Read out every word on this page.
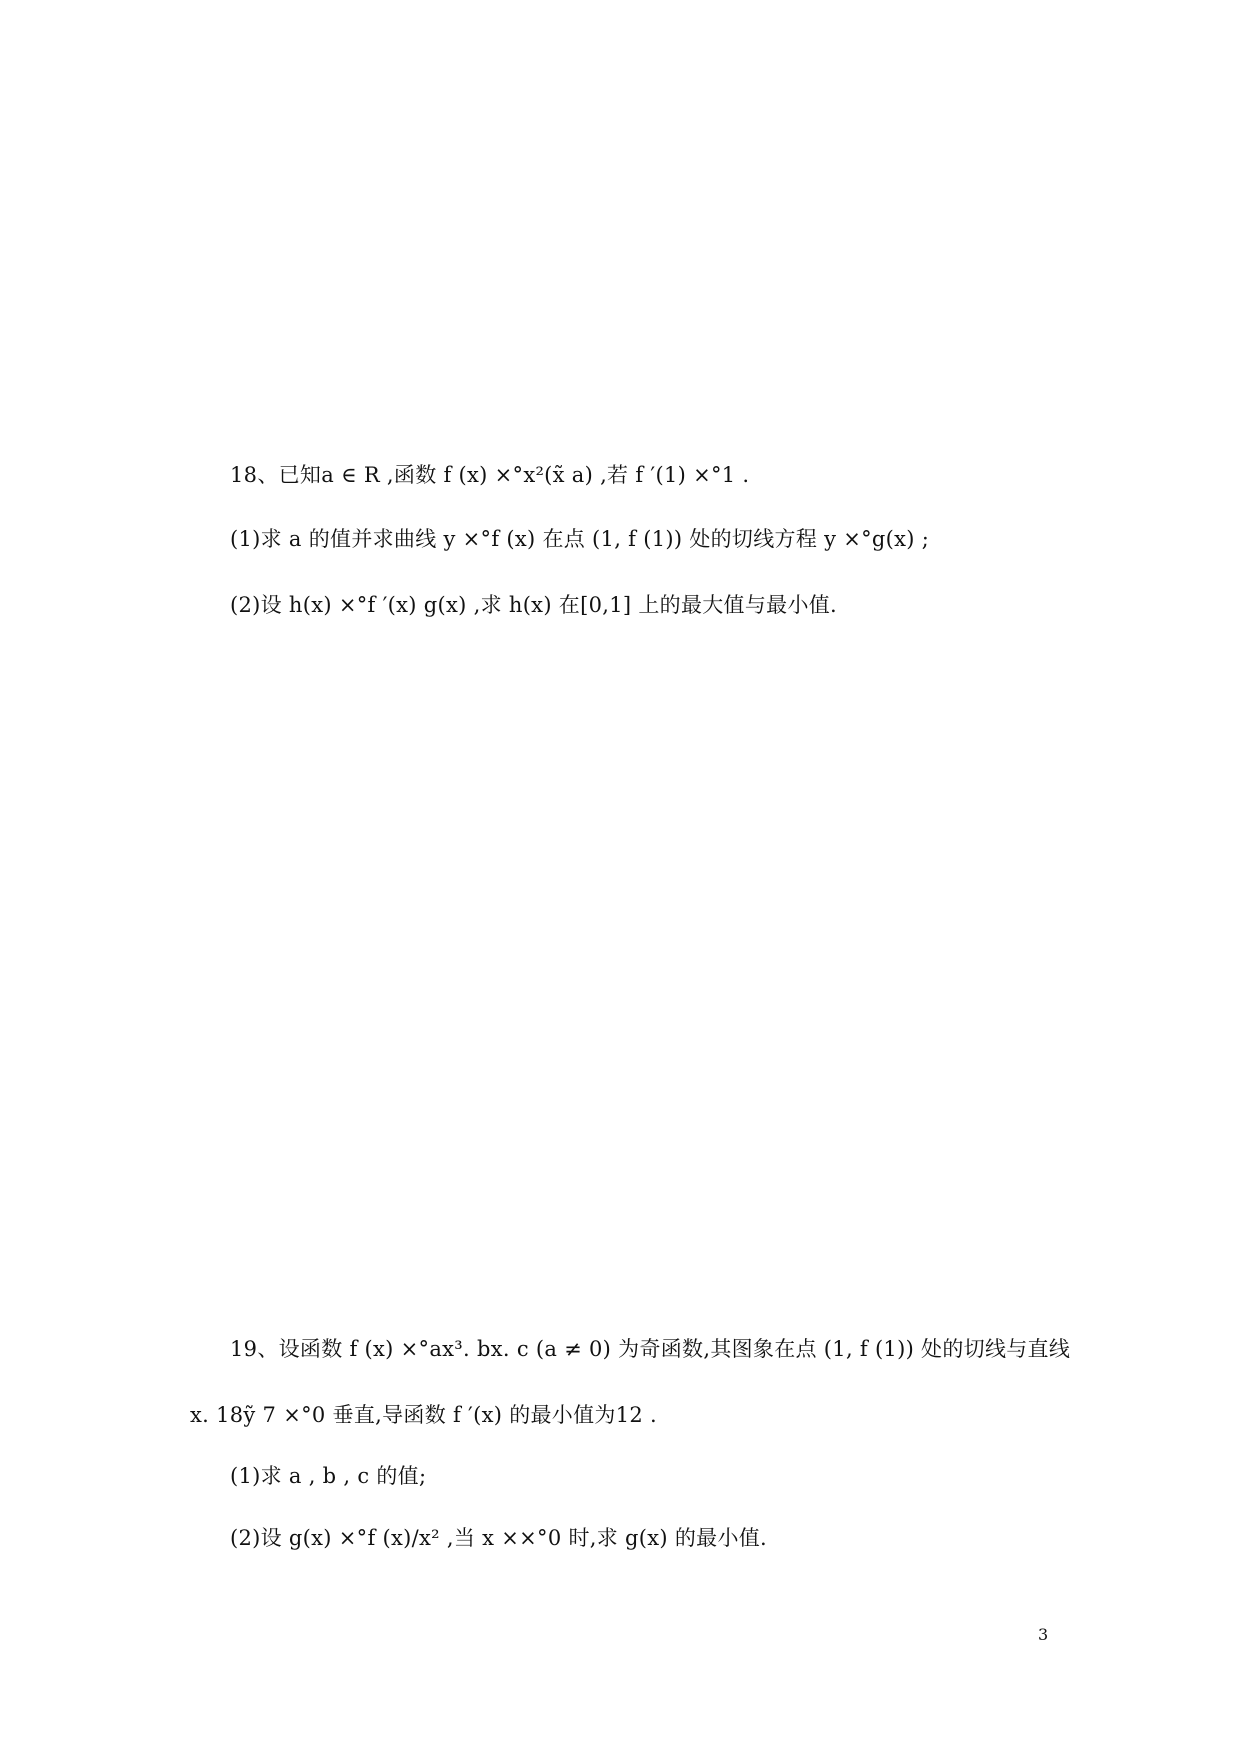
18、已知a ∈ R ,函数 f (x) ×°x²(x̃ a) ,若 f ′(1) ×°1 .
(1)求 a 的值并求曲线 y ×°f (x) 在点 (1, f (1)) 处的切线方程 y ×°g(x) ;
(2)设 h(x) ×°f ′(x) g(x) ,求 h(x) 在[0,1] 上的最大值与最小值.
19、设函数 f (x) ×°ax³. bx. c (a ≠ 0) 为奇函数,其图象在点 (1, f (1)) 处的切线与直线
x. 18ỹ 7 ×°0 垂直,导函数 f ′(x) 的最小值为12 .
(1)求 a , b , c 的值;
(2)设 g(x) ×°f (x)/x² ,当 x ××°0 时,求 g(x) 的最小值.
3
